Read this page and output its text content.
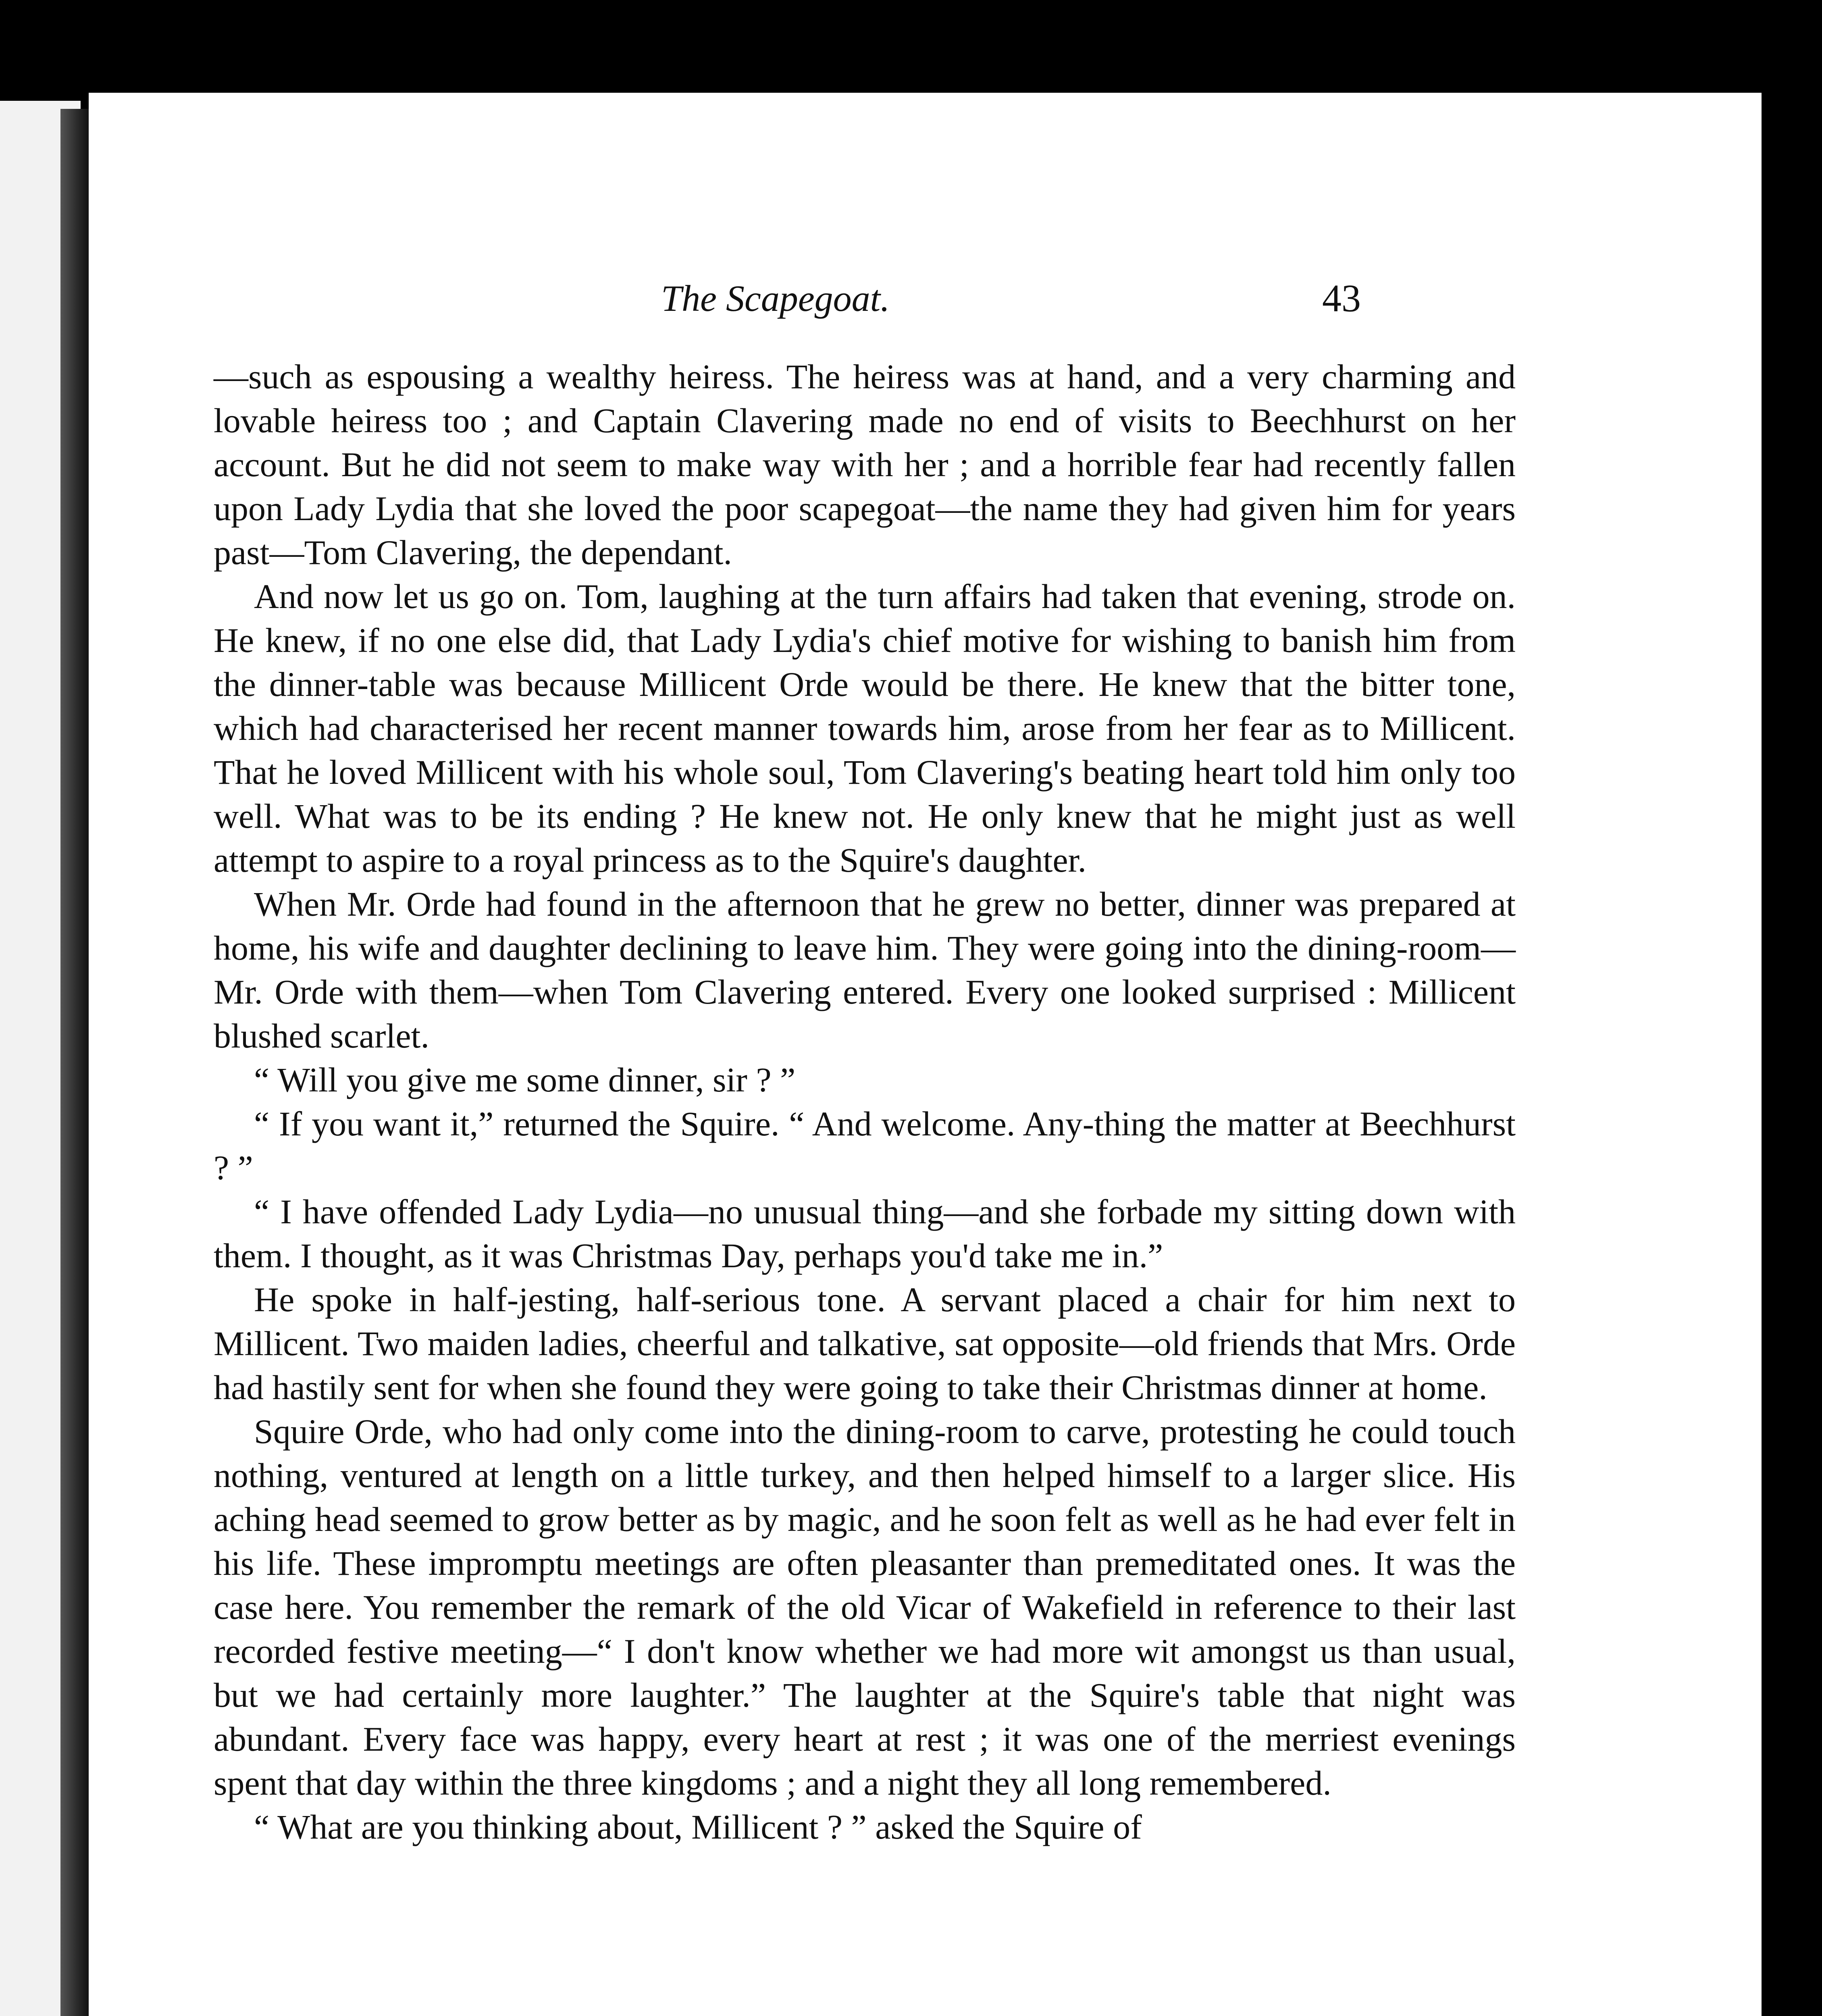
The Scapegoat.	43

—such as espousing a wealthy heiress. The heiress was at hand, and a very charming and lovable heiress too ; and Captain Clavering made no end of visits to Beechhurst on her account. But he did not seem to make way with her ; and a horrible fear had recently fallen upon Lady Lydia that she loved the poor scapegoat—the name they had given him for years past—Tom Clavering, the dependant.

And now let us go on. Tom, laughing at the turn affairs had taken that evening, strode on. He knew, if no one else did, that Lady Lydia's chief motive for wishing to banish him from the dinner-table was because Millicent Orde would be there. He knew that the bitter tone, which had characterised her recent manner towards him, arose from her fear as to Millicent. That he loved Millicent with his whole soul, Tom Clavering's beating heart told him only too well. What was to be its ending ? He knew not. He only knew that he might just as well attempt to aspire to a royal princess as to the Squire's daughter.

When Mr. Orde had found in the afternoon that he grew no better, dinner was prepared at home, his wife and daughter declining to leave him. They were going into the dining-room—Mr. Orde with them—when Tom Clavering entered. Every one looked surprised : Millicent blushed scarlet.

“ Will you give me some dinner, sir ? ”

“ If you want it,” returned the Squire. “ And welcome. Any-thing the matter at Beechhurst ? ”

“ I have offended Lady Lydia—no unusual thing—and she forbade my sitting down with them. I thought, as it was Christmas Day, perhaps you'd take me in.”

He spoke in half-jesting, half-serious tone. A servant placed a chair for him next to Millicent. Two maiden ladies, cheerful and talkative, sat opposite—old friends that Mrs. Orde had hastily sent for when she found they were going to take their Christmas dinner at home.

Squire Orde, who had only come into the dining-room to carve, protesting he could touch nothing, ventured at length on a little turkey, and then helped himself to a larger slice. His aching head seemed to grow better as by magic, and he soon felt as well as he had ever felt in his life. These impromptu meetings are often pleasanter than premeditated ones. It was the case here. You remember the remark of the old Vicar of Wakefield in reference to their last recorded festive meeting—“ I don't know whether we had more wit amongst us than usual, but we had certainly more laughter.” The laughter at the Squire's table that night was abundant. Every face was happy, every heart at rest ; it was one of the merriest evenings spent that day within the three kingdoms ; and a night they all long remembered.

“ What are you thinking about, Millicent ? ” asked the Squire of
